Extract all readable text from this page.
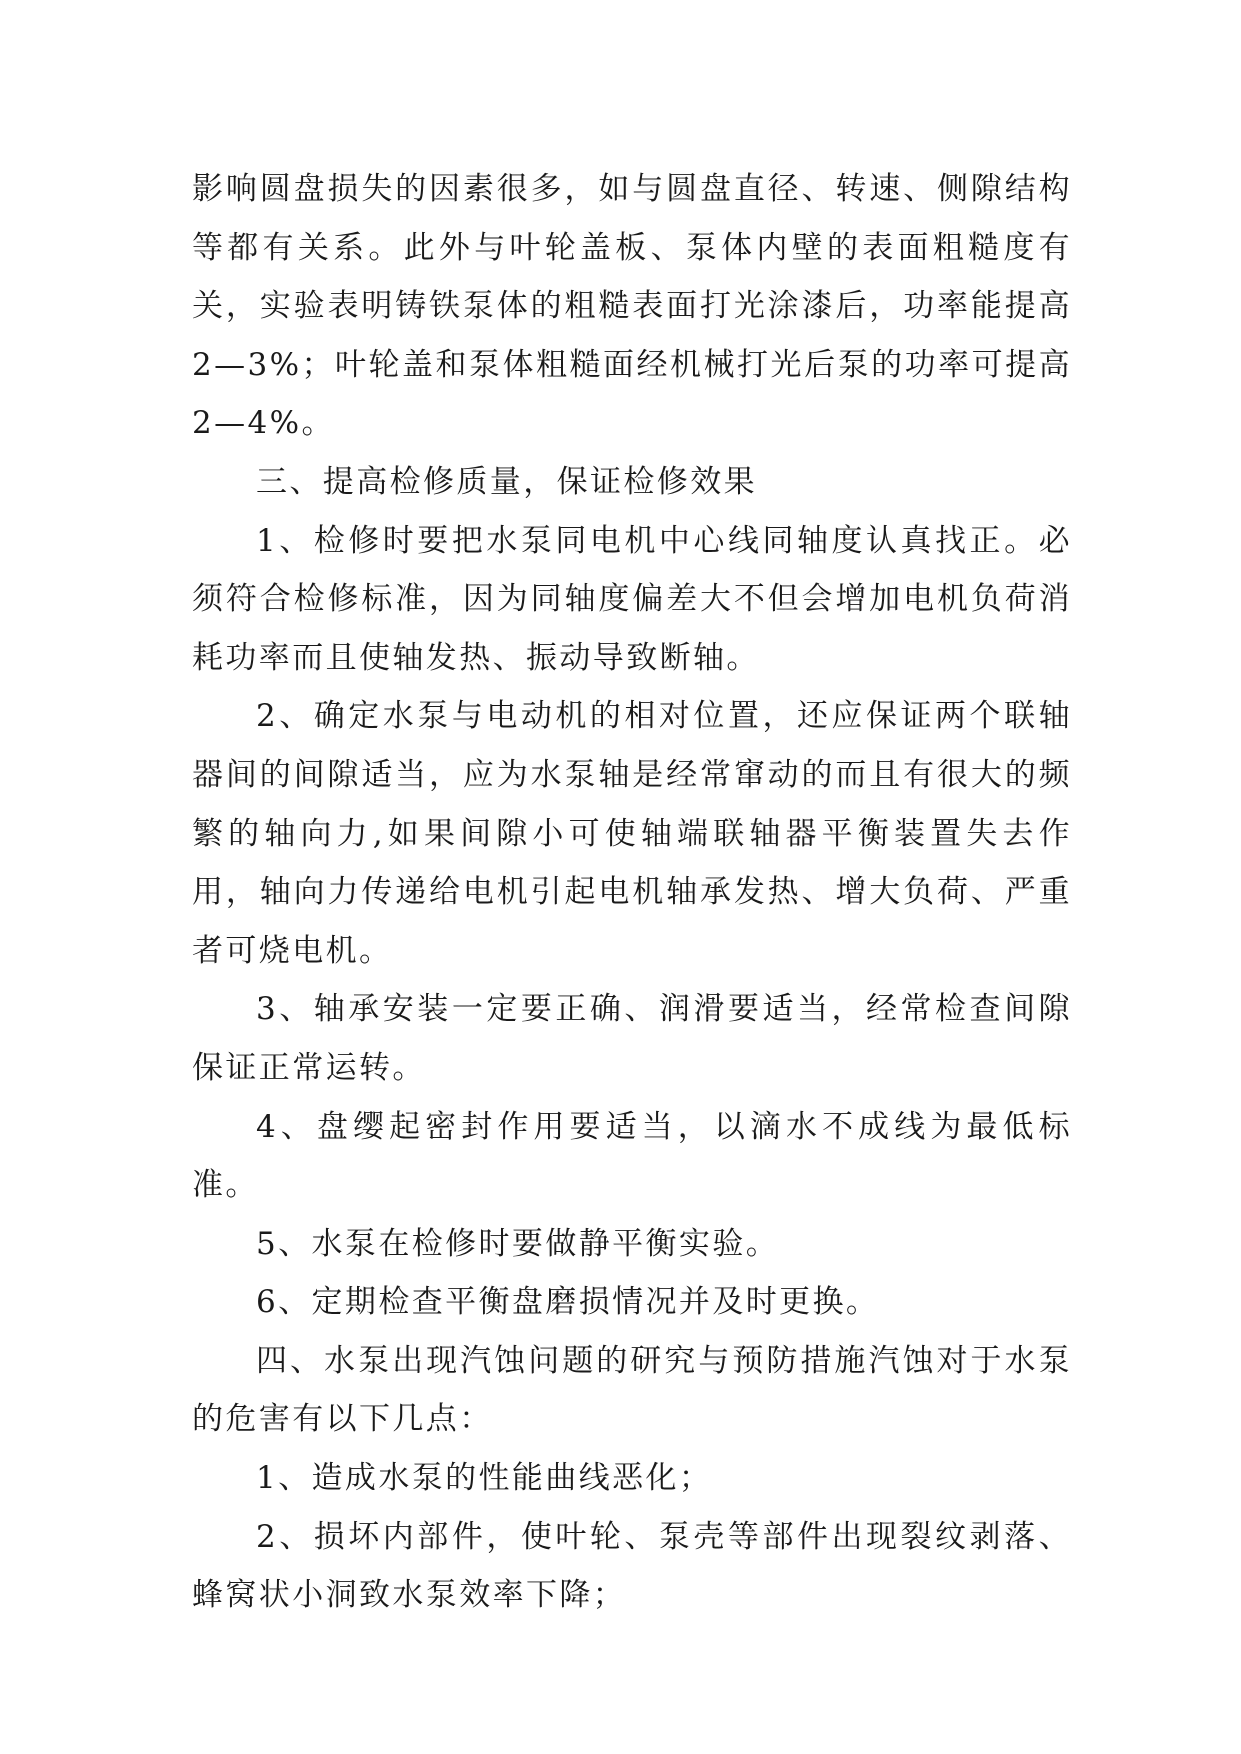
影响圆盘损失的因素很多，如与圆盘直径、转速、侧隙结构等都有关系。此外与叶轮盖板、泵体内壁的表面粗糙度有关，实验表明铸铁泵体的粗糙表面打光涂漆后，功率能提高2—3%；叶轮盖和泵体粗糙面经机械打光后泵的功率可提高2—4%。

三、提高检修质量，保证检修效果

1、检修时要把水泵同电机中心线同轴度认真找正。必须符合检修标准，因为同轴度偏差大不但会增加电机负荷消耗功率而且使轴发热、振动导致断轴。

2、确定水泵与电动机的相对位置，还应保证两个联轴器间的间隙适当，应为水泵轴是经常窜动的而且有很大的频繁的轴向力,如果间隙小可使轴端联轴器平衡装置失去作用，轴向力传递给电机引起电机轴承发热、增大负荷、严重者可烧电机。

3、轴承安装一定要正确、润滑要适当，经常检查间隙保证正常运转。

4、盘缨起密封作用要适当，以滴水不成线为最低标准。

5、水泵在检修时要做静平衡实验。

6、定期检查平衡盘磨损情况并及时更换。

四、水泵出现汽蚀问题的研究与预防措施汽蚀对于水泵的危害有以下几点：

1、造成水泵的性能曲线恶化；

2、损坏内部件，使叶轮、泵壳等部件出现裂纹剥落、蜂窝状小洞致水泵效率下降；
